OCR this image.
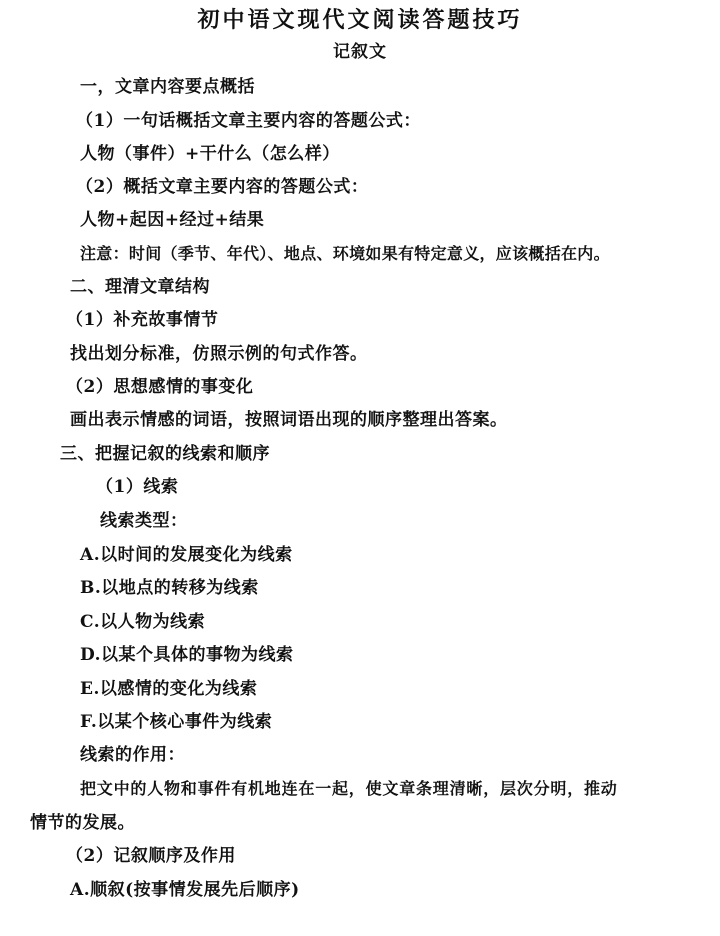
初中语文现代文阅读答题技巧
记叙文
一，文章内容要点概括
（1）一句话概括文章主要内容的答题公式：
人物（事件）+干什么（怎么样）
（2）概括文章主要内容的答题公式：
人物+起因+经过+结果
注意：时间（季节、年代）、地点、环境如果有特定意义，应该概括在内。
二、理清文章结构
（1）补充故事情节
找出划分标准，仿照示例的句式作答。
（2）思想感情的事变化
画出表示情感的词语，按照词语出现的顺序整理出答案。
三、把握记叙的线索和顺序
（1）线索
线索类型：
A.以时间的发展变化为线索
B.以地点的转移为线索
C.以人物为线索
D.以某个具体的事物为线索
E.以感情的变化为线索
F.以某个核心事件为线索
线索的作用：
把文中的人物和事件有机地连在一起，使文章条理清晰，层次分明，推动
情节的发展。
（2）记叙顺序及作用
A.顺叙(按事情发展先后顺序)
